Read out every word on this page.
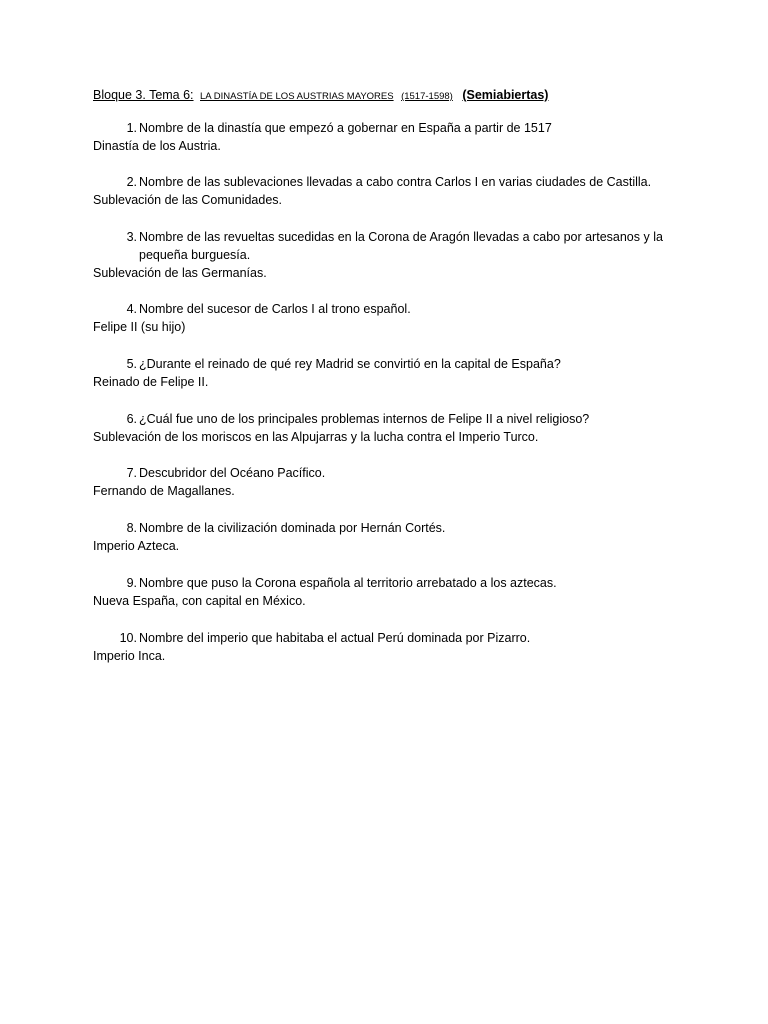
Bloque 3. Tema 6: LA DINASTÍA DE LOS AUSTRIAS MAYORES (1517-1598) (Semiabiertas)
1. Nombre de la dinastía que empezó a gobernar en España a partir de 1517
Dinastía de los Austria.
2. Nombre de las sublevaciones llevadas a cabo contra Carlos I en varias ciudades de Castilla.
Sublevación de las Comunidades.
3. Nombre de las revueltas sucedidas en la Corona de Aragón llevadas a cabo por artesanos y la pequeña burguesía.
Sublevación de las Germanías.
4. Nombre del sucesor de Carlos I al trono español.
Felipe II (su hijo)
5. ¿Durante el reinado de qué rey Madrid se convirtió en la capital de España?
Reinado de Felipe II.
6. ¿Cuál fue uno de los principales problemas internos de Felipe II a nivel religioso?
Sublevación de los moriscos en las Alpujarras y la lucha contra el Imperio Turco.
7. Descubridor del Océano Pacífico.
Fernando de Magallanes.
8. Nombre de la civilización dominada por Hernán Cortés.
Imperio Azteca.
9. Nombre que puso la Corona española al territorio arrebatado a los aztecas.
Nueva España, con capital en México.
10. Nombre del imperio que habitaba el actual Perú dominada por Pizarro.
Imperio Inca.
